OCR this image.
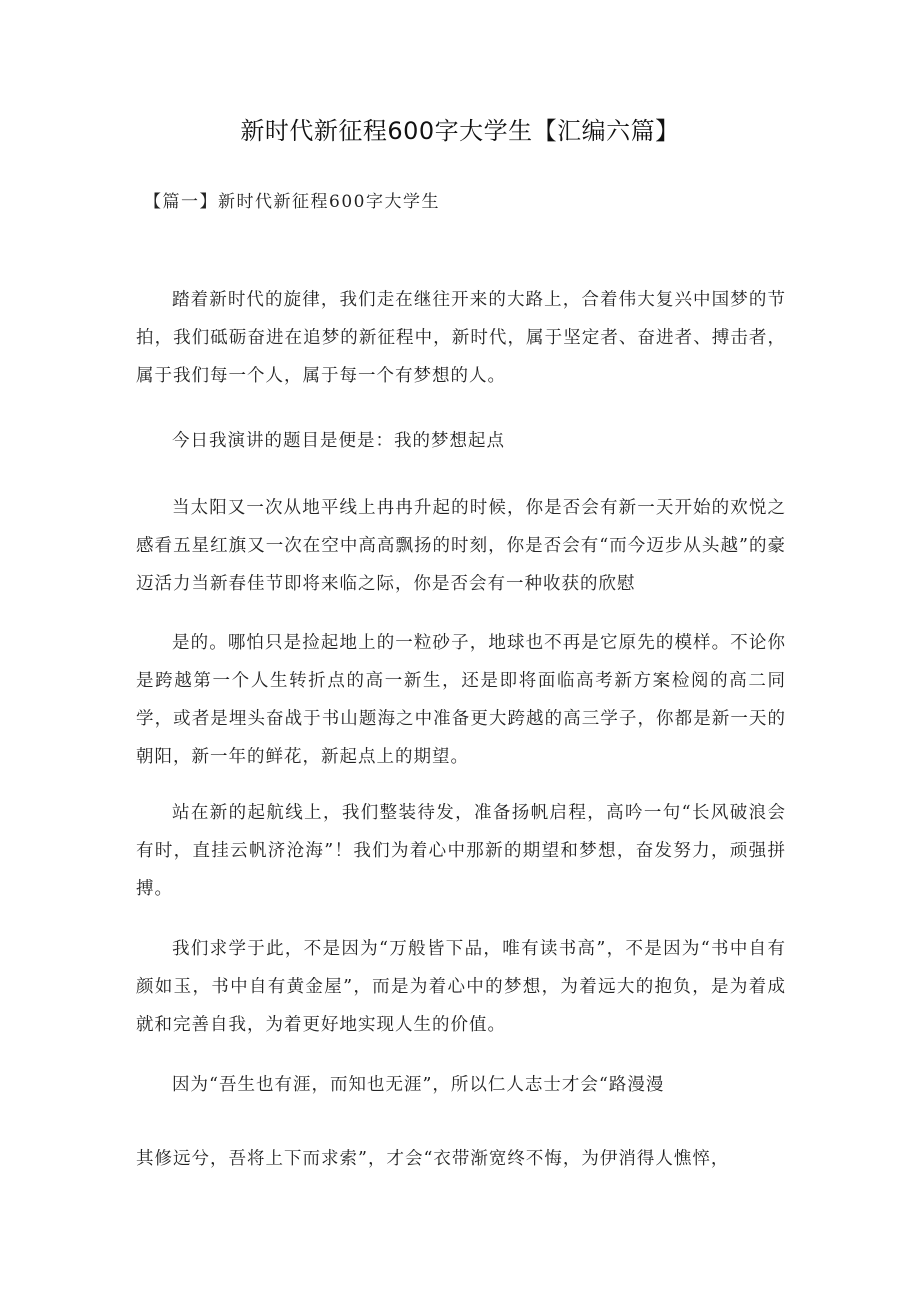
新时代新征程600字大学生【汇编六篇】
【篇一】新时代新征程600字大学生

踏着新时代的旋律，我们走在继往开来的大路上，合着伟大复兴中国梦的节拍，我们砥砺奋进在追梦的新征程中，新时代，属于坚定者、奋进者、搏击者，属于我们每一个人，属于每一个有梦想的人。

今日我演讲的题目是便是：我的梦想起点

当太阳又一次从地平线上冉冉升起的时候，你是否会有新一天开始的欢悦之感看五星红旗又一次在空中高高飘扬的时刻，你是否会有“而今迈步从头越”的豪迈活力当新春佳节即将来临之际，你是否会有一种收获的欣慰

是的。哪怕只是捡起地上的一粒砂子，地球也不再是它原先的模样。不论你是跨越第一个人生转折点的高一新生，还是即将面临高考新方案检阅的高二同学，或者是埋头奋战于书山题海之中准备更大跨越的高三学子，你都是新一天的朝阳，新一年的鲜花，新起点上的期望。

站在新的起航线上，我们整装待发，准备扬帆启程，高吟一句“长风破浪会有时，直挂云帆济沧海”！我们为着心中那新的期望和梦想，奋发努力，顽强拼搏。

我们求学于此，不是因为“万般皆下品，唯有读书高”，不是因为“书中自有颜如玉，书中自有黄金屋”，而是为着心中的梦想，为着远大的抱负，是为着成就和完善自我，为着更好地实现人生的价值。

因为“吾生也有涯，而知也无涯”，所以仁人志士才会“路漫漫

其修远兮，吾将上下而求索”，才会“衣带渐宽终不悔，为伊消得人憔悴，
